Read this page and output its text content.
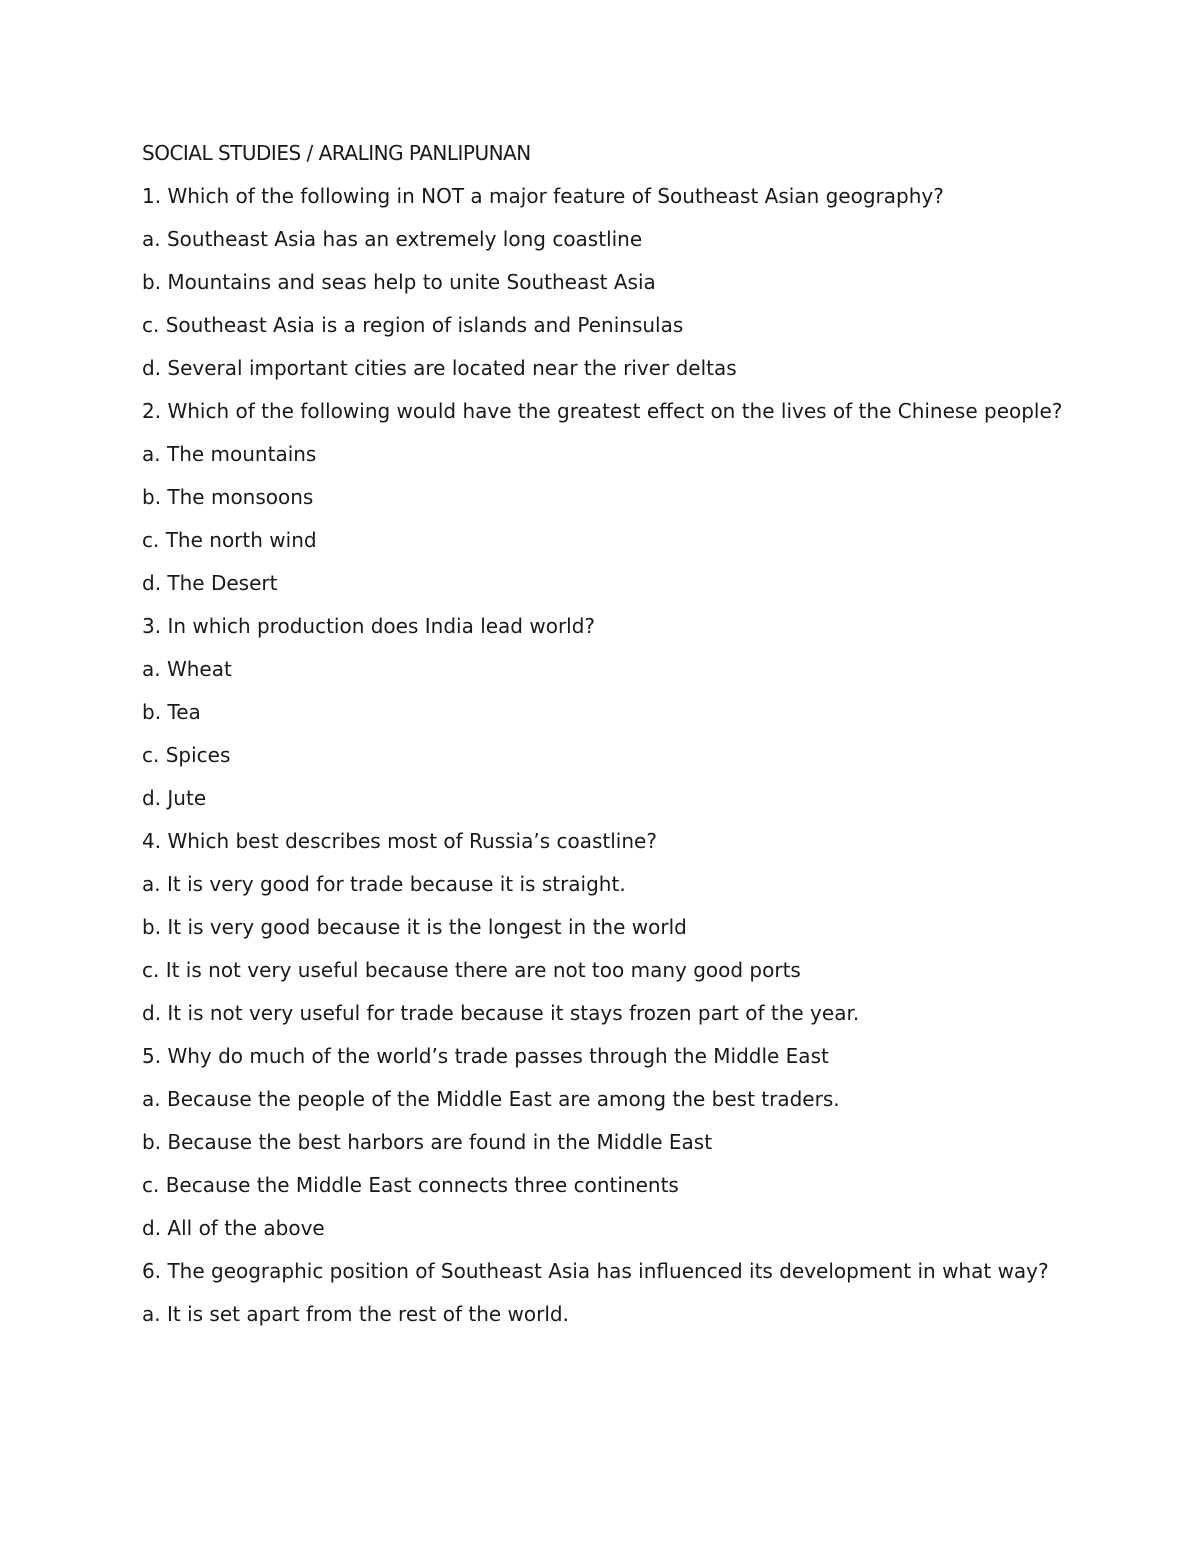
SOCIAL STUDIES / ARALING PANLIPUNAN
1. Which of the following in NOT a major feature of Southeast Asian geography?
a. Southeast Asia has an extremely long coastline
b. Mountains and seas help to unite Southeast Asia
c. Southeast Asia is a region of islands and Peninsulas
d. Several important cities are located near the river deltas
2. Which of the following would have the greatest effect on the lives of the Chinese people?
a. The mountains
b. The monsoons
c. The north wind
d. The Desert
3. In which production does India lead world?
a. Wheat
b. Tea
c. Spices
d. Jute
4. Which best describes most of Russia’s coastline?
a. It is very good for trade because it is straight.
b. It is very good because it is the longest in the world
c. It is not very useful because there are not too many good ports
d. It is not very useful for trade because it stays frozen part of the year.
5. Why do much of the world’s trade passes through the Middle East
a. Because the people of the Middle East are among the best traders.
b. Because the best harbors are found in the Middle East
c. Because the Middle East connects three continents
d. All of the above
6. The geographic position of Southeast Asia has influenced its development in what way?
a. It is set apart from the rest of the world.
